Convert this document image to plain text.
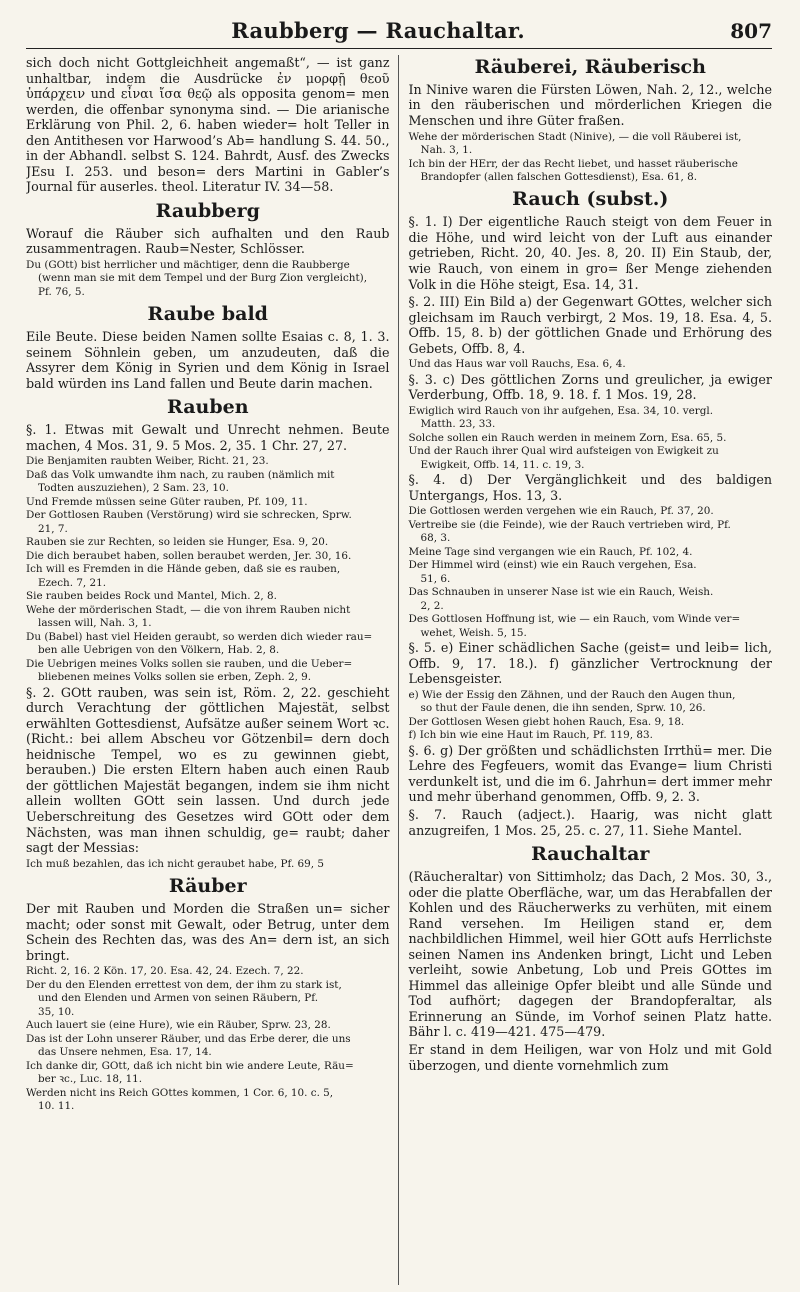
Raubberg — Rauchaltar.	807

sich doch nicht Gottgleichheit angemaßt“, — ist ganz unhaltbar, indem die Ausdrücke ἐν μορφῇ θεοῦ ὑπάρχειν und εἶναι ἴσα θεῷ als opposita genom= men werden, die offenbar synonyma sind. — Die arianische Erklärung von Phil. 2, 6. haben wieder= holt Teller in den Antithesen vor Harwood’s Ab= handlung S. 44. 50., in der Abhandl. selbst S. 124. Bahrdt, Ausf. des Zwecks JEsu I. 253. und beson= ders Martini in Gabler’s Journal für auserles. theol. Literatur IV. 34—58.

Raubberg

Worauf die Räuber sich aufhalten und den Raub zusammentragen. Raub=Nester, Schlösser.

Du (GOtt) bist herrlicher und mächtiger, denn die Raubberge
(wenn man sie mit dem Tempel und der Burg Zion vergleicht),
Pf. 76, 5.
Raube bald

Eile Beute. Diese beiden Namen sollte Esaias c. 8, 1. 3. seinem Söhnlein geben, um anzudeuten, daß die Assyrer dem König in Syrien und dem König in Israel bald würden ins Land fallen und Beute darin machen.

Rauben

§. 1. Etwas mit Gewalt und Unrecht nehmen. Beute machen, 4 Mos. 31, 9. 5 Mos. 2, 35. 1 Chr. 27, 27.

Die Benjamiten raubten Weiber, Richt. 21, 23.
Daß das Volk umwandte ihm nach, zu rauben (nämlich mit
Todten auszuziehen), 2 Sam. 23, 10.
Und Fremde müssen seine Güter rauben, Pf. 109, 11.
Der Gottlosen Rauben (Verstörung) wird sie schrecken, Sprw.
21, 7.
Rauben sie zur Rechten, so leiden sie Hunger, Esa. 9, 20.
Die dich beraubet haben, sollen beraubet werden, Jer. 30, 16.
Ich will es Fremden in die Hände geben, daß sie es rauben,
Ezech. 7, 21.
Sie rauben beides Rock und Mantel, Mich. 2, 8.
Wehe der mörderischen Stadt, — die von ihrem Rauben nicht
lassen will, Nah. 3, 1.
Du (Babel) hast viel Heiden geraubt, so werden dich wieder rau=
ben alle Uebrigen von den Völkern, Hab. 2, 8.
Die Uebrigen meines Volks sollen sie rauben, und die Ueber=
bliebenen meines Volks sollen sie erben, Zeph. 2, 9.

§. 2. GOtt rauben, was sein ist, Röm. 2, 22. geschieht durch Verachtung der göttlichen Majestät, selbst erwählten Gottesdienst, Aufsätze außer seinem Wort ꝛc. (Richt.: bei allem Abscheu vor Götzenbil= dern doch heidnische Tempel, wo es zu gewinnen giebt, berauben.) Die ersten Eltern haben auch einen Raub der göttlichen Majestät begangen, indem sie ihm nicht allein wollten GOtt sein lassen. Und durch jede Ueberschreitung des Gesetzes wird GOtt oder dem Nächsten, was man ihnen schuldig, ge= raubt; daher sagt der Messias:

Ich muß bezahlen, das ich nicht geraubet habe, Pf. 69, 5
Räuber

Der mit Rauben und Morden die Straßen un= sicher macht; oder sonst mit Gewalt, oder Betrug, unter dem Schein des Rechten das, was des An= dern ist, an sich bringt.

Richt. 2, 16. 2 Kön. 17, 20. Esa. 42, 24. Ezech. 7, 22.
Der du den Elenden errettest von dem, der ihm zu stark ist,
und den Elenden und Armen von seinen Räubern, Pf.
35, 10.
Auch lauert sie (eine Hure), wie ein Räuber, Sprw. 23, 28.
Das ist der Lohn unserer Räuber, und das Erbe derer, die uns
das Unsere nehmen, Esa. 17, 14.
Ich danke dir, GOtt, daß ich nicht bin wie andere Leute, Räu=
ber ꝛc., Luc. 18, 11.
Werden nicht ins Reich GOttes kommen, 1 Cor. 6, 10. c. 5,
10. 11.
Räuberei, Räuberisch

In Ninive waren die Fürsten Löwen, Nah. 2, 12., welche in den räuberischen und mörderlichen Kriegen die Menschen und ihre Güter fraßen.

Wehe der mörderischen Stadt (Ninive), — die voll Räuberei ist,
Nah. 3, 1.
Ich bin der HErr, der das Recht liebet, und hasset räuberische
Brandopfer (allen falschen Gottesdienst), Esa. 61, 8.
Rauch (subst.)

§. 1. I) Der eigentliche Rauch steigt von dem Feuer in die Höhe, und wird leicht von der Luft aus einander getrieben, Richt. 20, 40. Jes. 8, 20. II) Ein Staub, der, wie Rauch, von einem in gro= ßer Menge ziehenden Volk in die Höhe steigt, Esa. 14, 31.

§. 2. III) Ein Bild a) der Gegenwart GOttes, welcher sich gleichsam im Rauch verbirgt, 2 Mos. 19, 18. Esa. 4, 5. Offb. 15, 8. b) der göttlichen Gnade und Erhörung des Gebets, Offb. 8, 4.

Und das Haus war voll Rauchs, Esa. 6, 4.

§. 3. c) Des göttlichen Zorns und greulicher, ja ewiger Verderbung, Offb. 18, 9. 18. f. 1 Mos. 19, 28.

Ewiglich wird Rauch von ihr aufgehen, Esa. 34, 10. vergl.
Matth. 23, 33.
Solche sollen ein Rauch werden in meinem Zorn, Esa. 65, 5.
Und der Rauch ihrer Qual wird aufsteigen von Ewigkeit zu
Ewigkeit, Offb. 14, 11. c. 19, 3.

§. 4. d) Der Vergänglichkeit und des baldigen Untergangs, Hos. 13, 3.

Die Gottlosen werden vergehen wie ein Rauch, Pf. 37, 20.
Vertreibe sie (die Feinde), wie der Rauch vertrieben wird, Pf.
68, 3.
Meine Tage sind vergangen wie ein Rauch, Pf. 102, 4.
Der Himmel wird (einst) wie ein Rauch vergehen, Esa.
51, 6.
Das Schnauben in unserer Nase ist wie ein Rauch, Weish.
2, 2.
Des Gottlosen Hoffnung ist, wie — ein Rauch, vom Winde ver=
wehet, Weish. 5, 15.

§. 5. e) Einer schädlichen Sache (geist= und leib= lich, Offb. 9, 17. 18.). f) gänzlicher Vertrocknung der Lebensgeister.

e) Wie der Essig den Zähnen, und der Rauch den Augen thun,
so thut der Faule denen, die ihn senden, Sprw. 10, 26.
Der Gottlosen Wesen giebt hohen Rauch, Esa. 9, 18.
f) Ich bin wie eine Haut im Rauch, Pf. 119, 83.

§. 6. g) Der größten und schädlichsten Irrthü= mer. Die Lehre des Fegfeuers, womit das Evange= lium Christi verdunkelt ist, und die im 6. Jahrhun= dert immer mehr und mehr überhand genommen, Offb. 9, 2. 3.

§. 7. Rauch (adject.). Haarig, was nicht glatt anzugreifen, 1 Mos. 25, 25. c. 27, 11. Siehe Mantel.

Rauchaltar

(Räucheraltar) von Sittimholz; das Dach, 2 Mos. 30, 3., oder die platte Oberfläche, war, um das Herabfallen der Kohlen und des Räucherwerks zu verhüten, mit einem Rand versehen. Im Heiligen stand er, dem nachbildlichen Himmel, weil hier GOtt aufs Herrlichste seinen Namen ins Andenken bringt, Licht und Leben verleiht, sowie Anbetung, Lob und Preis GOttes im Himmel das alleinige Opfer bleibt und alle Sünde und Tod aufhört; dagegen der Brandopferaltar, als Erinnerung an Sünde, im Vorhof seinen Platz hatte. Bähr l. c. 419—421. 475—479.

Er stand in dem Heiligen, war von Holz und mit Gold überzogen, und diente vornehmlich zum
